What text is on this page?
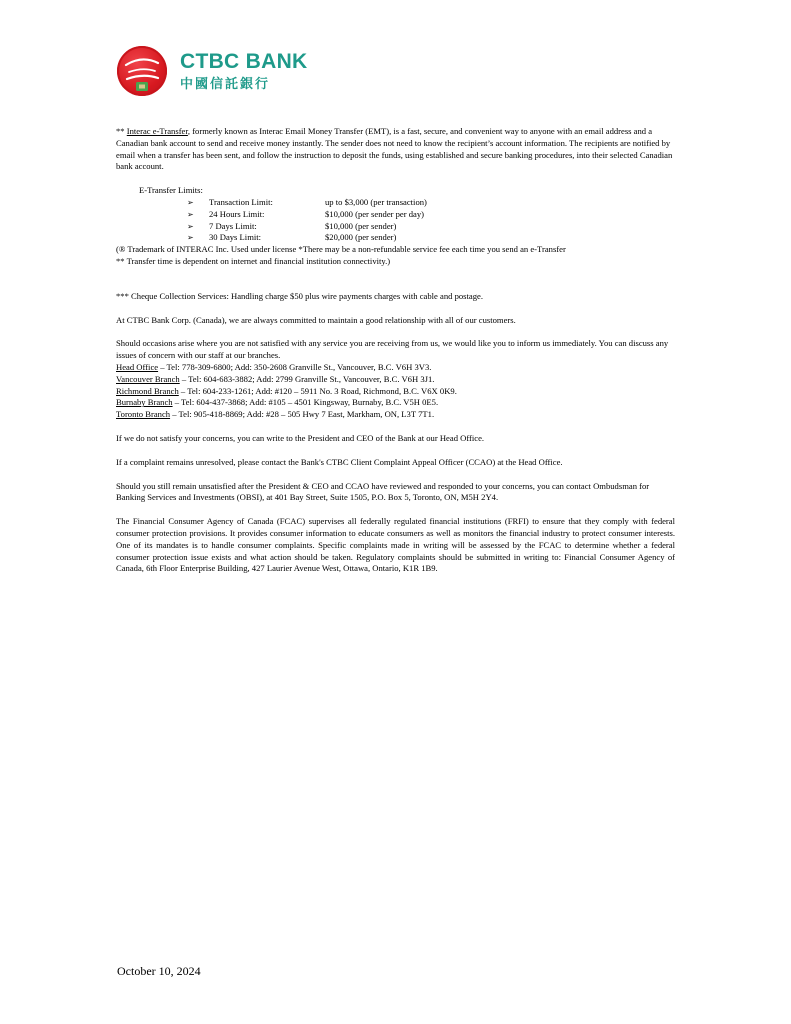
CTBC BANK
中國信託銀行

** Interac e-Transfer, formerly known as Interac Email Money Transfer (EMT), is a fast, secure, and convenient way to anyone with an email address and a Canadian bank account to send and receive money instantly. The sender does not need to know the recipient’s account information. The recipients are notified by email when a transfer has been sent, and follow the instruction to deposit the funds, using established and secure banking procedures, into their selected Canadian bank account.

E-Transfer Limits:
➢ Transaction Limit:	up to $3,000 (per transaction)
➢ 24 Hours Limit:	$10,000 (per sender per day)
➢ 7 Days Limit:	$10,000 (per sender)
➢ 30 Days Limit:	$20,000 (per sender)

(® Trademark of INTERAC Inc. Used under license *There may be a non-refundable service fee each time you send an e-Transfer

** Transfer time is dependent on internet and financial institution connectivity.)

*** Cheque Collection Services: Handling charge $50 plus wire payments charges with cable and postage.

At CTBC Bank Corp. (Canada), we are always committed to maintain a good relationship with all of our customers.

Should occasions arise where you are not satisfied with any service you are receiving from us, we would like you to inform us immediately. You can discuss any issues of concern with our staff at our branches.

Head Office – Tel: 778-309-6800; Add: 350-2608 Granville St., Vancouver, B.C. V6H 3V3.

Vancouver Branch – Tel: 604-683-3882; Add: 2799 Granville St., Vancouver, B.C. V6H 3J1.

Richmond Branch – Tel: 604-233-1261; Add: #120 – 5911 No. 3 Road, Richmond, B.C. V6X 0K9.

Burnaby Branch – Tel: 604-437-3868; Add: #105 – 4501 Kingsway, Burnaby, B.C. V5H 0E5.

Toronto Branch – Tel: 905-418-8869; Add: #28 – 505 Hwy 7 East, Markham, ON, L3T 7T1.

If we do not satisfy your concerns, you can write to the President and CEO of the Bank at our Head Office.

If a complaint remains unresolved, please contact the Bank's CTBC Client Complaint Appeal Officer (CCAO) at the Head Office.

Should you still remain unsatisfied after the President & CEO and CCAO have reviewed and responded to your concerns, you can contact Ombudsman for Banking Services and Investments (OBSI), at 401 Bay Street, Suite 1505, P.O. Box 5, Toronto, ON, M5H 2Y4.

The Financial Consumer Agency of Canada (FCAC) supervises all federally regulated financial institutions (FRFI) to ensure that they comply with federal consumer protection provisions. It provides consumer information to educate consumers as well as monitors the financial industry to protect consumer interests. One of its mandates is to handle consumer complaints. Specific complaints made in writing will be assessed by the FCAC to determine whether a federal consumer protection issue exists and what action should be taken. Regulatory complaints should be submitted in writing to: Financial Consumer Agency of Canada, 6th Floor Enterprise Building, 427 Laurier Avenue West, Ottawa, Ontario, K1R 1B9.

October 10, 2024
